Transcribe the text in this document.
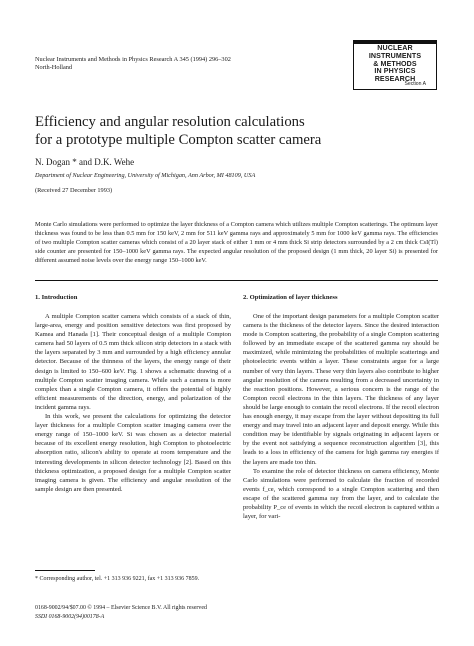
Nuclear Instruments and Methods in Physics Research A 345 (1994) 296–302
North-Holland
NUCLEAR
INSTRUMENTS
& METHODS
IN PHYSICS
RESEARCH
Section A
Efficiency and angular resolution calculations
for a prototype multiple Compton scatter camera
N. Dogan * and D.K. Wehe
Department of Nuclear Engineering, University of Michigan, Ann Arbor, MI 48109, USA
(Received 27 December 1993)
Monte Carlo simulations were performed to optimize the layer thickness of a Compton camera which utilizes multiple Compton scatterings. The optimum layer thickness was found to be less than 0.5 mm for 150 keV, 2 mm for 511 keV gamma rays and approximately 5 mm for 1000 keV gamma rays. The efficiencies of two multiple Compton scatter cameras which consist of a 20 layer stack of either 1 mm or 4 mm thick Si strip detectors surrounded by a 2 cm thick CsI(Tl) side counter are presented for 150–1000 keV gamma rays. The expected angular resolution of the proposed design (1 mm thick, 20 layer Si) is presented for different assumed noise levels over the energy range 150–1000 keV.
1. Introduction

A multiple Compton scatter camera which consists of a stack of thin, large-area, energy and position sensitive detectors was first proposed by Kamea and Hanada [1]. Their conceptual design of a multiple Compton camera had 50 layers of 0.5 mm thick silicon strip detectors in a stack with the layers separated by 3 mm and surrounded by a high efficiency annular detector. Because of the thinness of the layers, the energy range of their design is limited to 150–600 keV. Fig. 1 shows a schematic drawing of a multiple Compton scatter imaging camera. While such a camera is more complex than a single Compton camera, it offers the potential of highly efficient measurements of the direction, energy, and polarization of the incident gamma rays.

In this work, we present the calculations for optimizing the detector layer thickness for a multiple Compton scatter imaging camera over the energy range of 150–1000 keV. Si was chosen as a detector material because of its excellent energy resolution, high Compton to photoelectric absorption ratio, silicon's ability to operate at room temperature and the interesting developments in silicon detector technology [2]. Based on this thickness optimization, a proposed design for a multiple Compton scatter imaging camera is given. The efficiency and angular resolution of the sample design are then presented.

* Corresponding author, tel. +1 313 936 9221, fax +1 313 936 7859.
2. Optimization of layer thickness

One of the important design parameters for a multiple Compton scatter camera is the thickness of the detector layers. Since the desired interaction mode is Compton scattering, the probability of a single Compton scattering followed by an immediate escape of the scattered gamma ray should be maximized, while minimizing the probabilities of multiple scatterings and photoelectric events within a layer. These constraints argue for a large number of very thin layers. These very thin layers also contribute to higher angular resolution of the camera resulting from a decreased uncertainty in the reaction positions. However, a serious concern is the range of the Compton recoil electrons in the thin layers. The thickness of any layer should be large enough to contain the recoil electrons. If the recoil electron has enough energy, it may escape from the layer without depositing its full energy and may travel into an adjacent layer and deposit energy. While this condition may be identifiable by signals originating in adjacent layers or by the event not satisfying a sequence reconstruction algorithm [3], this leads to a loss in efficiency of the camera for high gamma ray energies if the layers are made too thin.

To examine the role of detector thickness on camera efficiency, Monte Carlo simulations were performed to calculate the fraction of recorded events f_ce, which correspond to a single Compton scattering and then escape of the scattered gamma ray from the layer, and to calculate the probability P_ce of events in which the recoil electron is captured within a layer, for vari-

0168-9002/94/$07.00 © 1994 – Elsevier Science B.V. All rights reserved
SSDI 0168-9002(94)00178-A
